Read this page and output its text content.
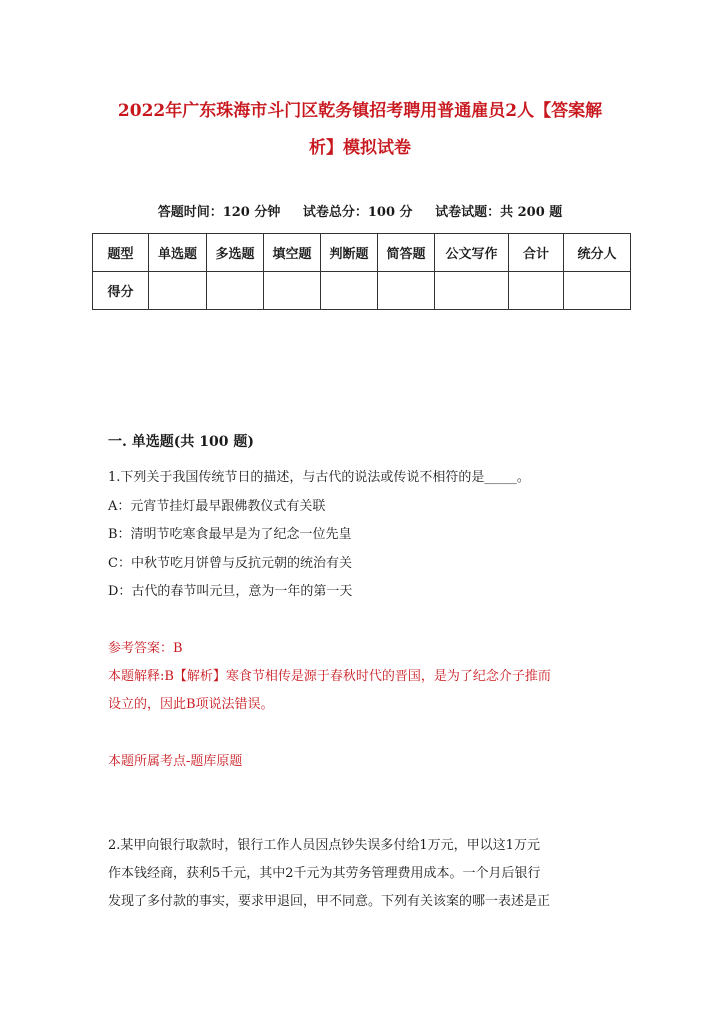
2022年广东珠海市斗门区乾务镇招考聘用普通雇员2人【答案解
析】模拟试卷
答题时间：120 分钟 试卷总分：100 分 试卷试题：共 200 题
题型	单选题	多选题	填空题	判断题	简答题	公文写作	合计	统分人
得分								
一. 单选题(共 100 题)
1.下列关于我国传统节日的描述，与古代的说法或传说不相符的是_____。
A：元宵节挂灯最早跟佛教仪式有关联
B：清明节吃寒食最早是为了纪念一位先皇
C：中秋节吃月饼曾与反抗元朝的统治有关
D：古代的春节叫元旦，意为一年的第一天
参考答案：B
本题解释:B【解析】寒食节相传是源于春秋时代的晋国，是为了纪念介子推而
设立的，因此B项说法错误。
本题所属考点-题库原题
2.某甲向银行取款时，银行工作人员因点钞失误多付给1万元，甲以这1万元
作本钱经商，获利5千元，其中2千元为其劳务管理费用成本。一个月后银行
发现了多付款的事实，要求甲退回，甲不同意。下列有关该案的哪一表述是正
